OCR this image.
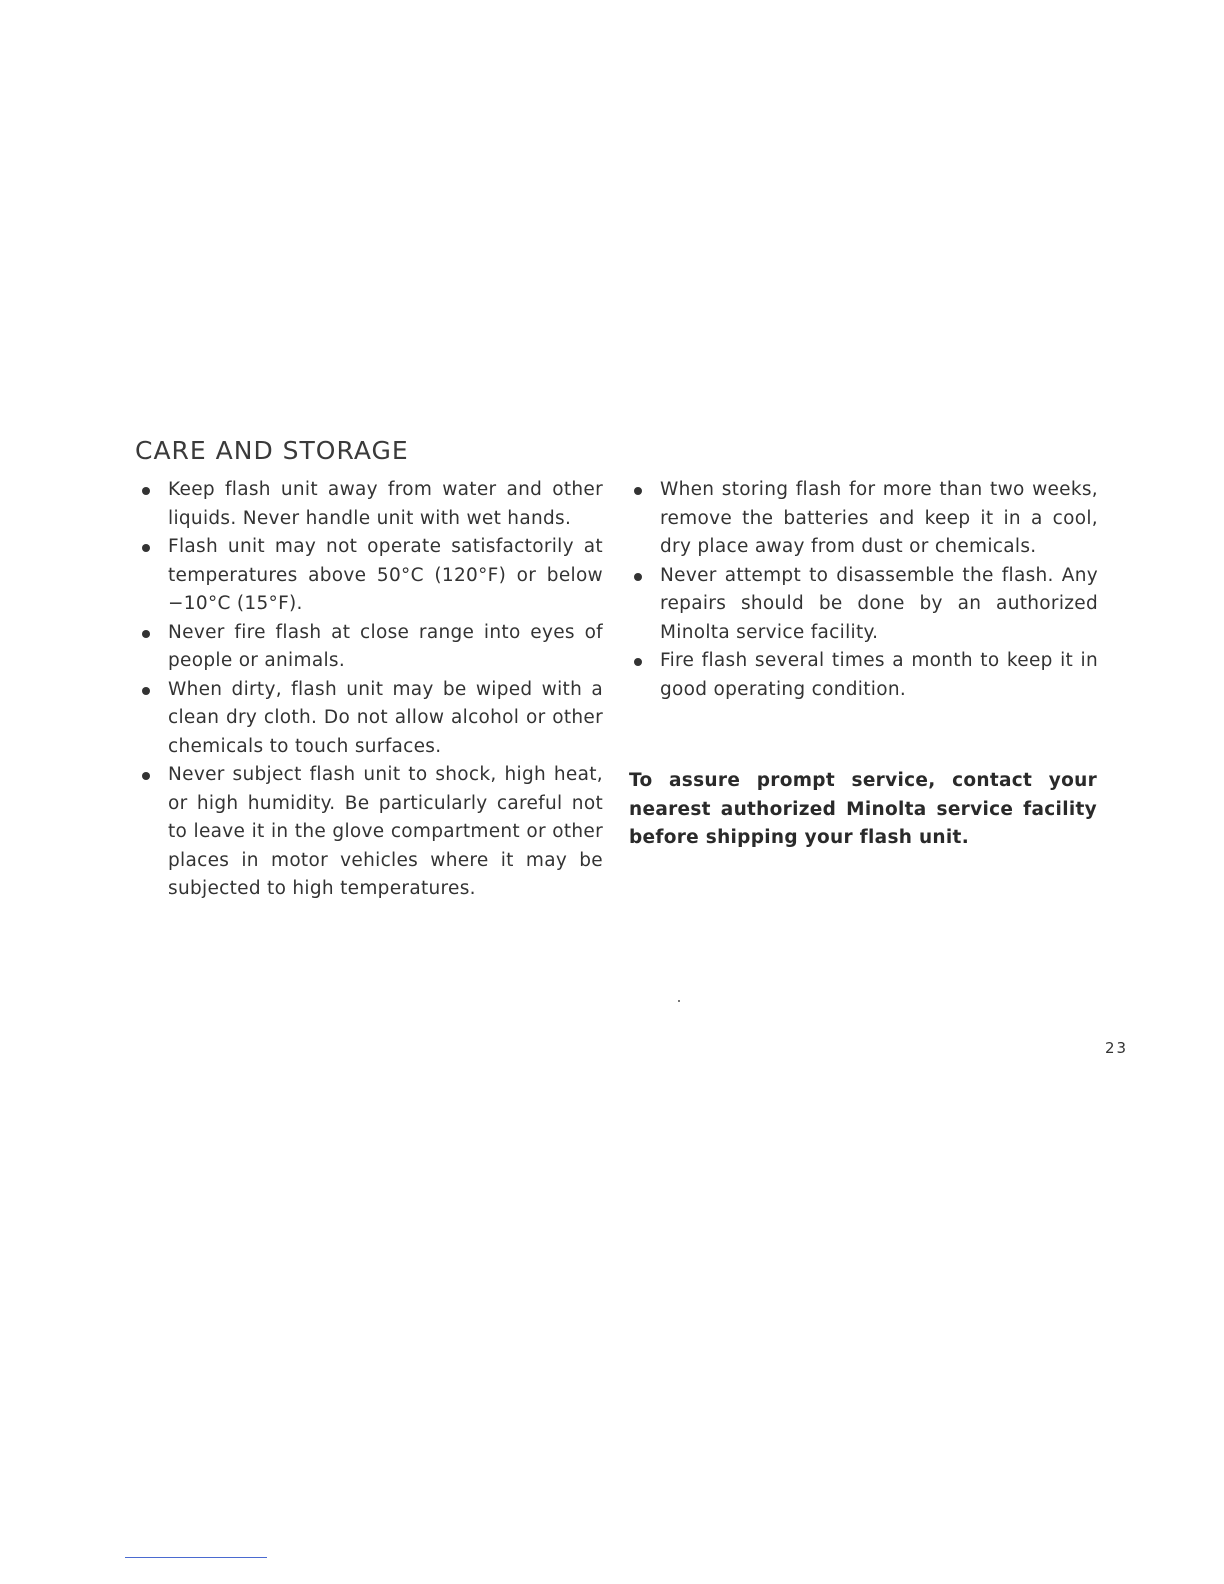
CARE AND STORAGE
Keep flash unit away from water and other liquids. Never handle unit with wet hands.
Flash unit may not operate satisfactorily at temperatures above 50°C (120°F) or below −10°C (15°F).
Never fire flash at close range into eyes of people or animals.
When dirty, flash unit may be wiped with a clean dry cloth. Do not allow alcohol or other chemicals to touch surfaces.
Never subject flash unit to shock, high heat, or high humidity. Be particularly careful not to leave it in the glove compartment or other places in motor vehicles where it may be subjected to high temperatures.
When storing flash for more than two weeks, remove the batteries and keep it in a cool, dry place away from dust or chemicals.
Never attempt to disassemble the flash. Any repairs should be done by an authorized Minolta service facility.
Fire flash several times a month to keep it in good operating condition.

To assure prompt service, contact your nearest authorized Minolta service facility before shipping your flash unit.

23
